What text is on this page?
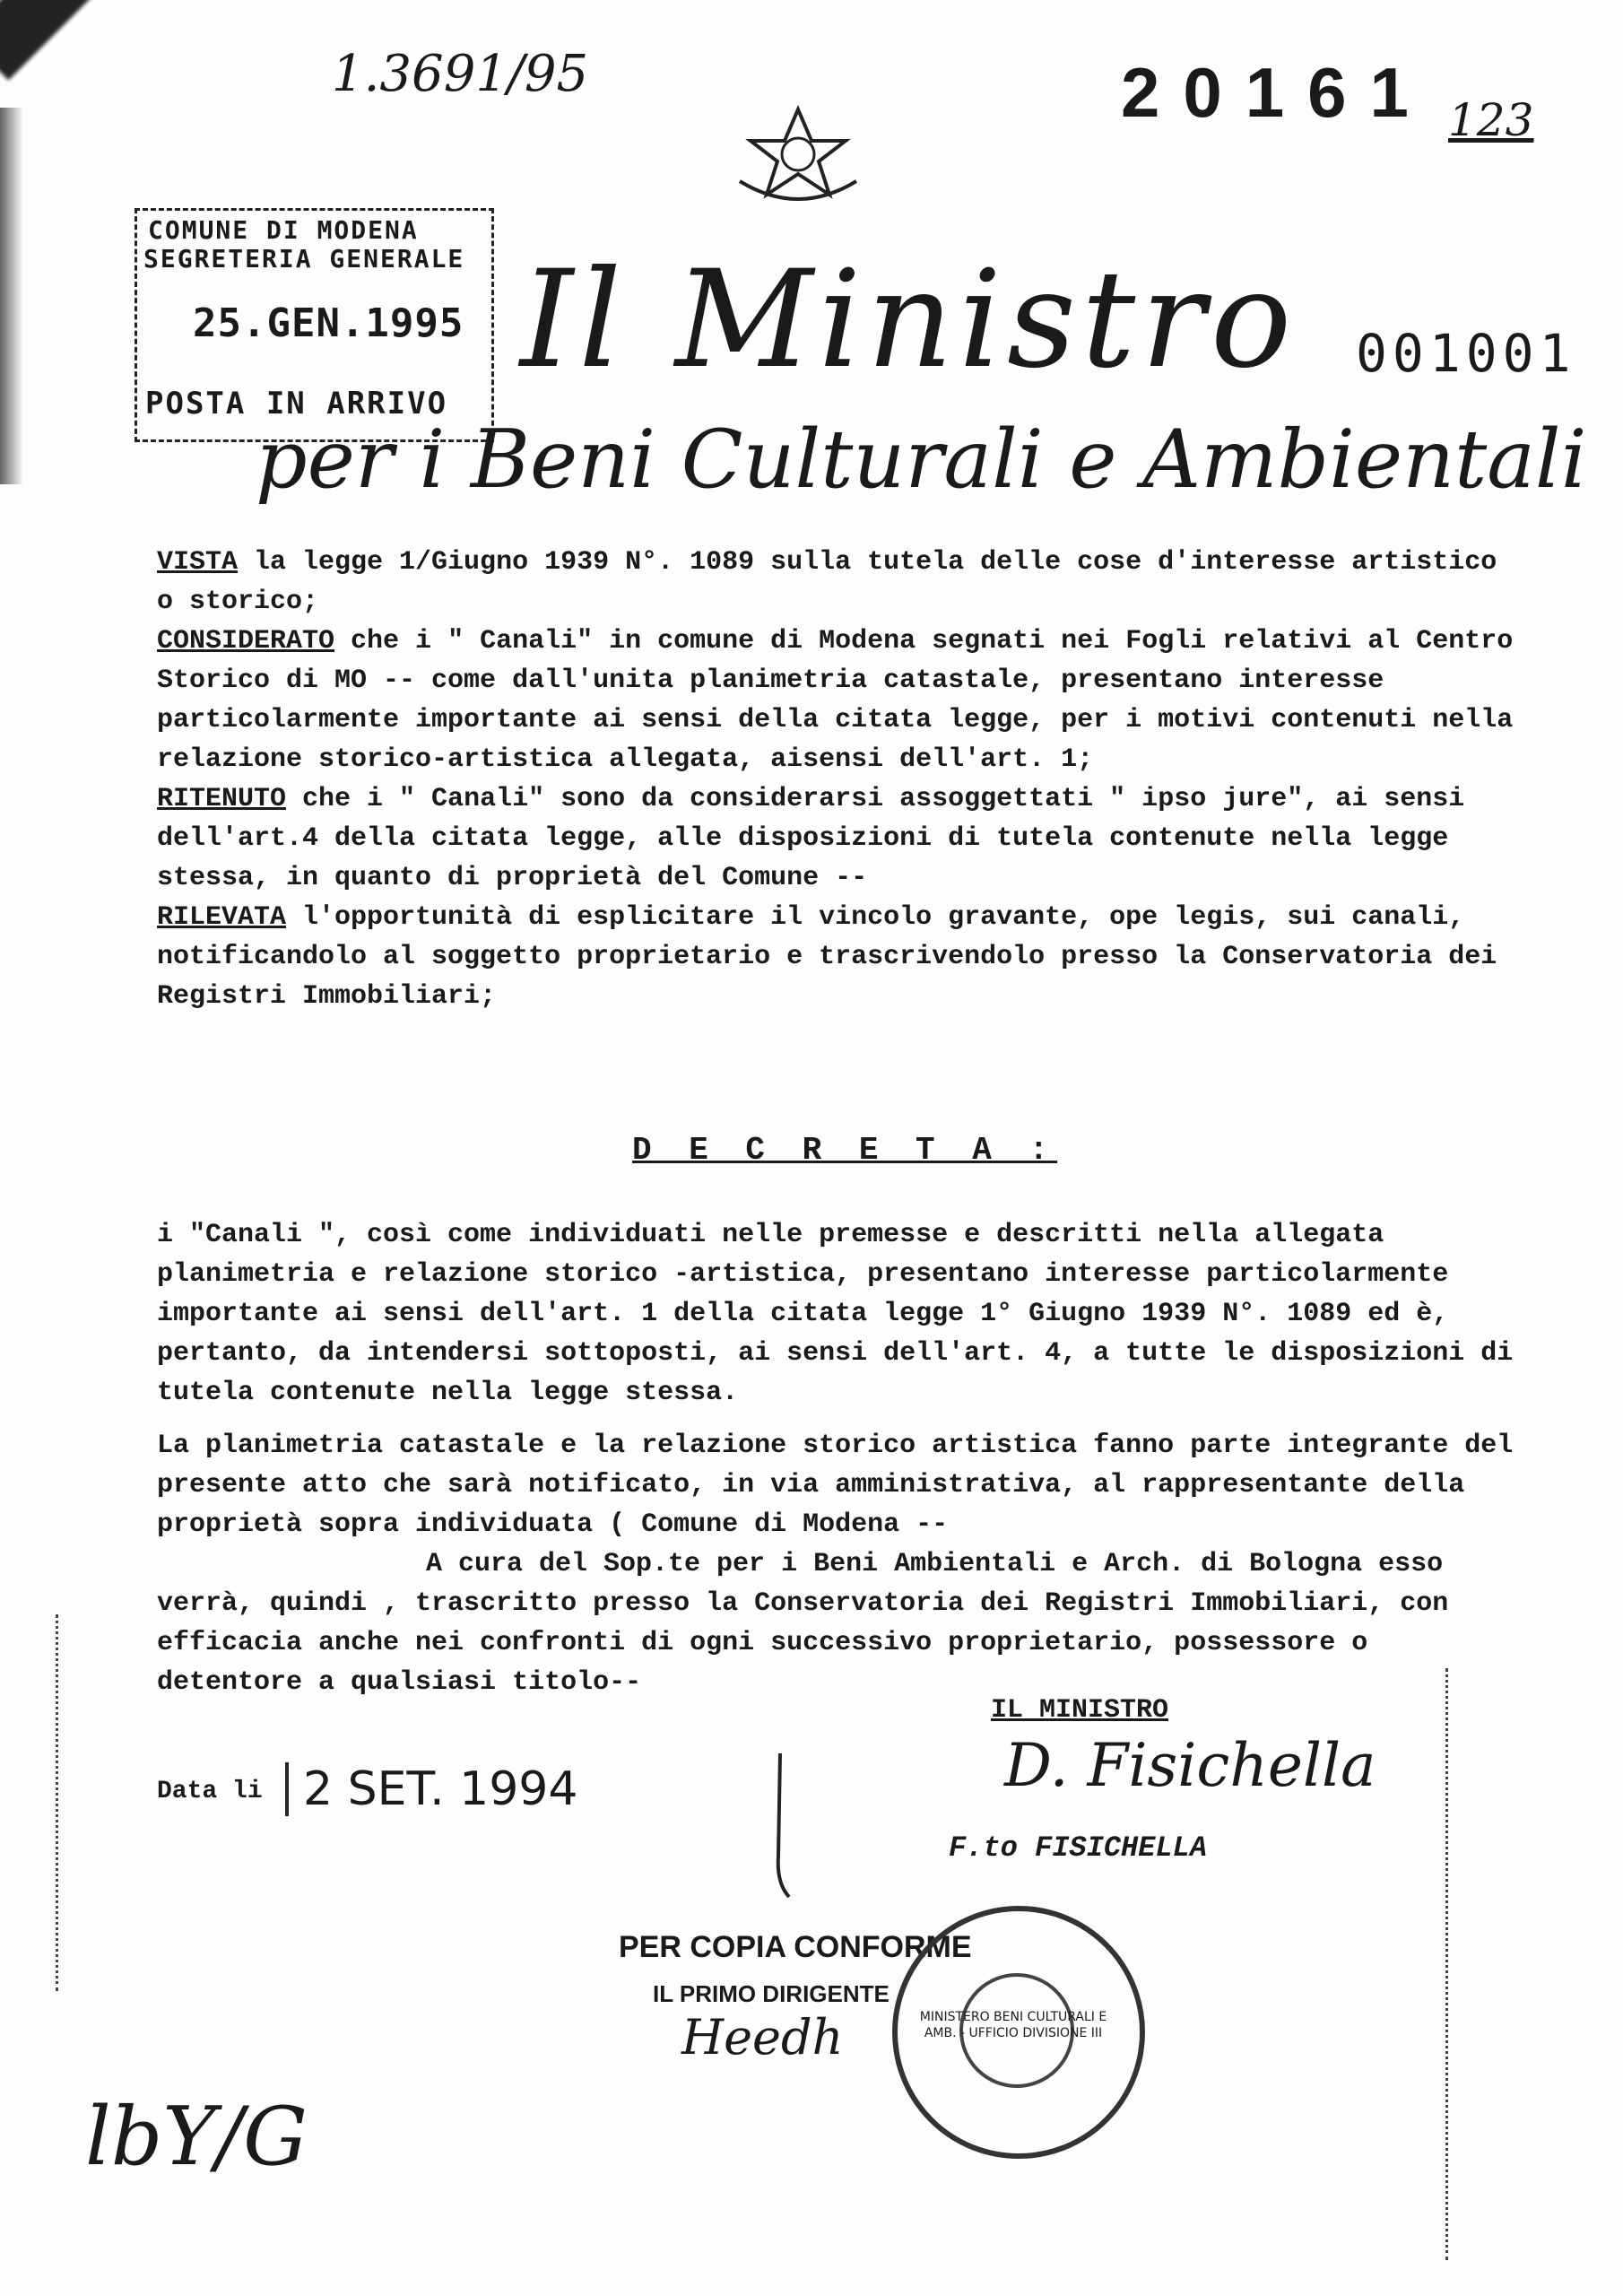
1.3691/95	20161 123
001001
COMUNE DI MODENA
SEGRETERIA GENERALE
25.GEN.1995
POSTA IN ARRIVO
Il Ministro
per i Beni Culturali e Ambientali

VISTA la legge 1/Giugno 1939 N°. 1089 sulla tutela delle cose d'interesse artistico o storico;

CONSIDERATO che i " Canali" in comune di Modena segnati nei Fogli relativi al Centro Storico di MO -- come dall'unita planimetria catastale, presentano interesse particolarmente importante ai sensi della citata legge, per i motivi contenuti nella relazione storico-artistica allegata, aisensi dell'art. 1;

RITENUTO che i " Canali" sono da considerarsi assoggettati " ipso jure", ai sensi dell'art.4 della citata legge, alle disposizioni di tutela contenute nella legge stessa, in quanto di proprietà del Comune --

RILEVATA l'opportunità di esplicitare il vincolo gravante, ope legis, sui canali, notificandolo al soggetto proprietario e trascrivendolo presso la Conservatoria dei Registri Immobiliari;

D E C R E T A :
i "Canali ", così come individuati nelle premesse e descritti nella allegata planimetria e relazione storico -artistica, presentano interesse particolarmente importante ai sensi dell'art. 1 della citata legge 1° Giugno 1939 N°. 1089 ed è, pertanto, da intendersi sottoposti, ai sensi dell'art. 4, a tutte le disposizioni di tutela contenute nella legge stessa.
La planimetria catastale e la relazione storico artistica fanno parte integrante del presente atto che sarà notificato, in via amministrativa, al rappresentante della proprietà sopra individuata ( Comune di Modena --
A cura del Sop.te per i Beni Ambientali e Arch. di Bologna esso verrà, quindi , trascritto presso la Conservatoria dei Registri Immobiliari, con efficacia anche nei confronti di ogni successivo proprietario, possessore o detentore a qualsiasi titolo--
IL MINISTRO
D. Fisichella
F.to FISICHELLA
Data li 2 SET. 1994
PER COPIA CONFORME
IL PRIMO DIRIGENTE
Heedh	MINISTERO BENI CULTURALI E AMB. - UFFICIO DIVISIONE III
lbY/G
